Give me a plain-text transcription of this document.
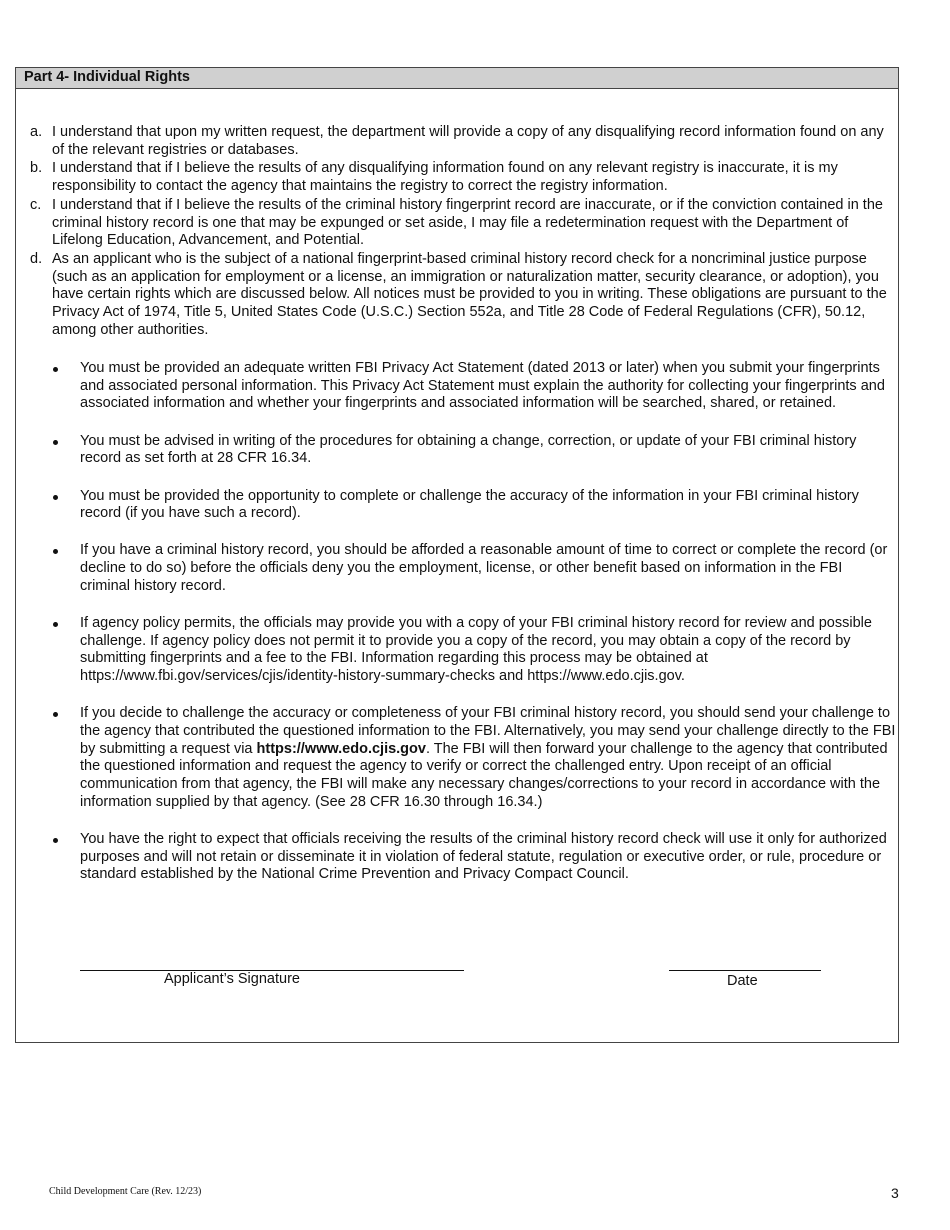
Part 4- Individual Rights
a. I understand that upon my written request, the department will provide a copy of any disqualifying record information found on any of the relevant registries or databases.
b. I understand that if I believe the results of any disqualifying information found on any relevant registry is inaccurate, it is my responsibility to contact the agency that maintains the registry to correct the registry information.
c. I understand that if I believe the results of the criminal history fingerprint record are inaccurate, or if the conviction contained in the criminal history record is one that may be expunged or set aside, I may file a redetermination request with the Department of Lifelong Education, Advancement, and Potential.
d. As an applicant who is the subject of a national fingerprint-based criminal history record check for a noncriminal justice purpose (such as an application for employment or a license, an immigration or naturalization matter, security clearance, or adoption), you have certain rights which are discussed below. All notices must be provided to you in writing. These obligations are pursuant to the Privacy Act of 1974, Title 5, United States Code (U.S.C.) Section 552a, and Title 28 Code of Federal Regulations (CFR), 50.12, among other authorities.
You must be provided an adequate written FBI Privacy Act Statement (dated 2013 or later) when you submit your fingerprints and associated personal information. This Privacy Act Statement must explain the authority for collecting your fingerprints and associated information and whether your fingerprints and associated information will be searched, shared, or retained.
You must be advised in writing of the procedures for obtaining a change, correction, or update of your FBI criminal history record as set forth at 28 CFR 16.34.
You must be provided the opportunity to complete or challenge the accuracy of the information in your FBI criminal history record (if you have such a record).
If you have a criminal history record, you should be afforded a reasonable amount of time to correct or complete the record (or decline to do so) before the officials deny you the employment, license, or other benefit based on information in the FBI criminal history record.
If agency policy permits, the officials may provide you with a copy of your FBI criminal history record for review and possible challenge. If agency policy does not permit it to provide you a copy of the record, you may obtain a copy of the record by submitting fingerprints and a fee to the FBI. Information regarding this process may be obtained at https://www.fbi.gov/services/cjis/identity-history-summary-checks and https://www.edo.cjis.gov.
If you decide to challenge the accuracy or completeness of your FBI criminal history record, you should send your challenge to the agency that contributed the questioned information to the FBI. Alternatively, you may send your challenge directly to the FBI by submitting a request via https://www.edo.cjis.gov. The FBI will then forward your challenge to the agency that contributed the questioned information and request the agency to verify or correct the challenged entry. Upon receipt of an official communication from that agency, the FBI will make any necessary changes/corrections to your record in accordance with the information supplied by that agency. (See 28 CFR 16.30 through 16.34.)
You have the right to expect that officials receiving the results of the criminal history record check will use it only for authorized purposes and will not retain or disseminate it in violation of federal statute, regulation or executive order, or rule, procedure or standard established by the National Crime Prevention and Privacy Compact Council.
Applicant’s Signature	Date
Child Development Care (Rev. 12/23)	3
